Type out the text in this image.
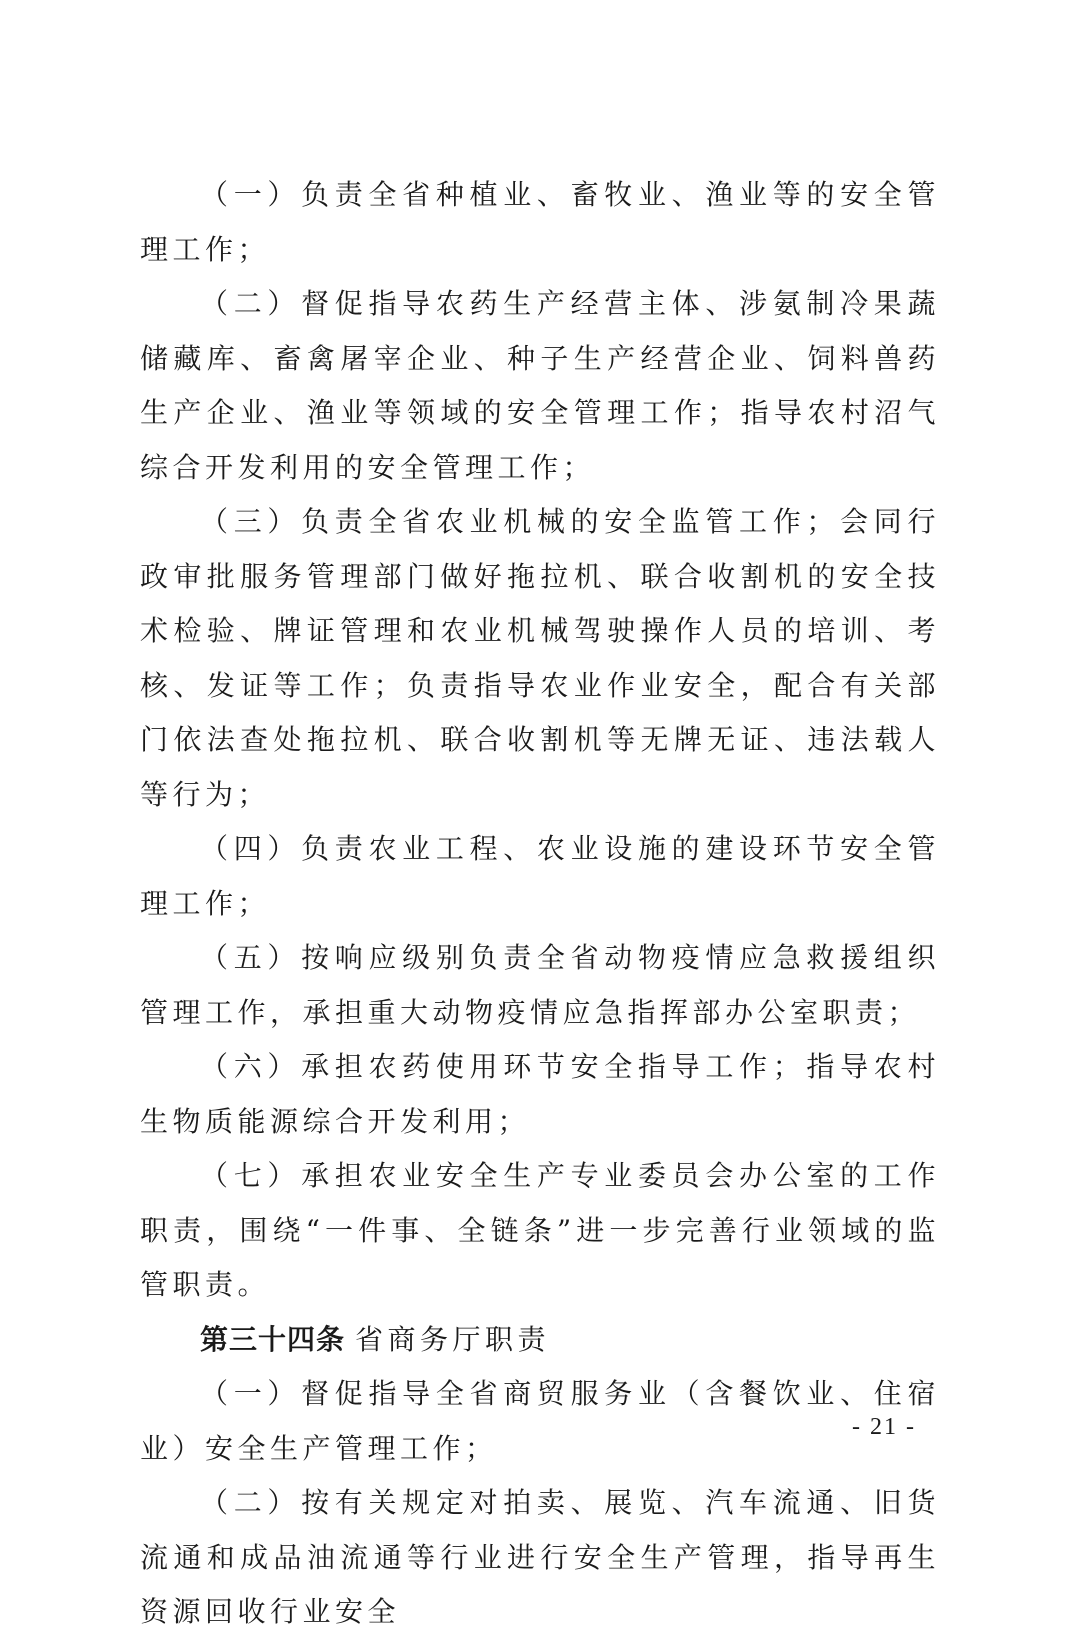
（一）负责全省种植业、畜牧业、渔业等的安全管理工作；

（二）督促指导农药生产经营主体、涉氨制冷果蔬储藏库、畜禽屠宰企业、种子生产经营企业、饲料兽药生产企业、渔业等领域的安全管理工作；指导农村沼气综合开发利用的安全管理工作；

（三）负责全省农业机械的安全监管工作；会同行政审批服务管理部门做好拖拉机、联合收割机的安全技术检验、牌证管理和农业机械驾驶操作人员的培训、考核、发证等工作；负责指导农业作业安全，配合有关部门依法查处拖拉机、联合收割机等无牌无证、违法载人等行为；

（四）负责农业工程、农业设施的建设环节安全管理工作；

（五）按响应级别负责全省动物疫情应急救援组织管理工作，承担重大动物疫情应急指挥部办公室职责；

（六）承担农药使用环节安全指导工作；指导农村生物质能源综合开发利用；

（七）承担农业安全生产专业委员会办公室的工作职责，围绕“一件事、全链条”进一步完善行业领域的监管职责。

第三十四条 省商务厅职责

（一）督促指导全省商贸服务业（含餐饮业、住宿业）安全生产管理工作；

（二）按有关规定对拍卖、展览、汽车流通、旧货流通和成品油流通等行业进行安全生产管理，指导再生资源回收行业安全

- 21 -
